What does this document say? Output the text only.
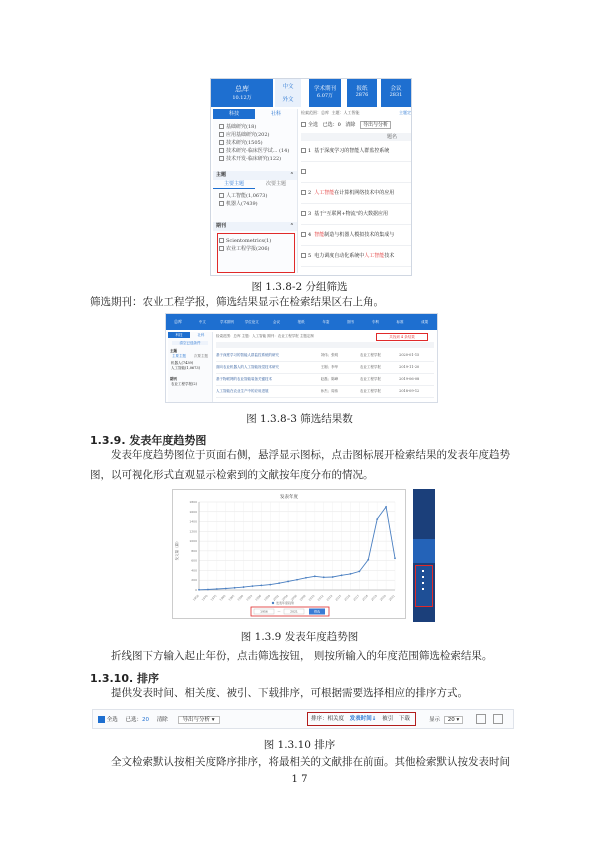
总库
10.12万
中文
外文
学术期刊
6.07万
报纸
2876
会议
2831
科技	社科
基础研究(18)
应用基础研究(202)
技术研究(1505)
技术研究-临床医学试... (14)
技术开发-临床研究(122)
主题	⌃
主要主题	次要主题
人工智能(1,0673)
机器人(7439)
期刊	⌃
Scientometrics(1)
农业工程学报(206)
检索范围：总库 主题：人工智能	主题定
全选 已选：0 清除 导出与分析
题名
1 基于深度学习的智能人群监控系统
2 人工智能在计算机网络技术中的应用
3 基于"互联网+物流"的大数据应用
4 智能制造与机器人模拟技术的集成与
5 电力调度自动化系统中人工智能技术
图 1.3.8-2 分组筛选
筛选期刊：农业工程学报，筛选结果显示在检索结果区右上角。
总库	中文	学术期刊	学位论文	会议	报纸	年鉴	图书	专利	标准	成果
科技	社科
清空已选条件
主题
主要主题	次要主题
机器人(7439)
人工智能(1,0673)
期刊
农业工程学报(2)
检索范围：总库 主题：人工智能 期刊：农业工程学报 主题定制	共找到 4 条结果
基于深度学习的智能人群监控系统的研究	刘伟；张明	农业工程学报	2020-01-15
面向农业机器人的人工智能视觉技术研究	王刚；李华	农业工程学报	2019-11-20
基于物联网的农业智能装备关键技术	赵磊；陈峰	农业工程学报	2019-06-08
人工智能在农业生产中的应用进展	孙杰；周伟	农业工程学报	2018-09-12
图 1.3.8-3 筛选结果数
1.3.9. 发表年度趋势图
发表年度趋势图位于页面右侧，悬浮显示图标，点击图标展开检索结果的发表年度趋势图，以可视化形式直观显示检索到的文献按年度分布的情况。
发表年度
发文量（篇）
0
200
400
600
800
1000
1200
1400
1600
1800
1956 1970 1975 1980 1985 1990 1993 1996 1999 2002 2004 2006 2008 2010 2012 2014 2015 2016 2017 2018 2019 2020 2021
发表年度趋势
1956	—	2021	筛选
图 1.3.9 发表年度趋势图
折线图下方输入起止年份，点击筛选按钮， 则按所输入的年度范围筛选检索结果。
1.3.10. 排序
提供发表时间、相关度、被引、下载排序，可根据需要选择相应的排序方式。
全选 已选：20 清除	导出与分析 ▾	排序：相关度 发表时间↓ 被引 下载	显示 20 ▾
图 1.3.10 排序
全文检索默认按相关度降序排序，将最相关的文献排在前面。其他检索默认按发表时间
1 7
